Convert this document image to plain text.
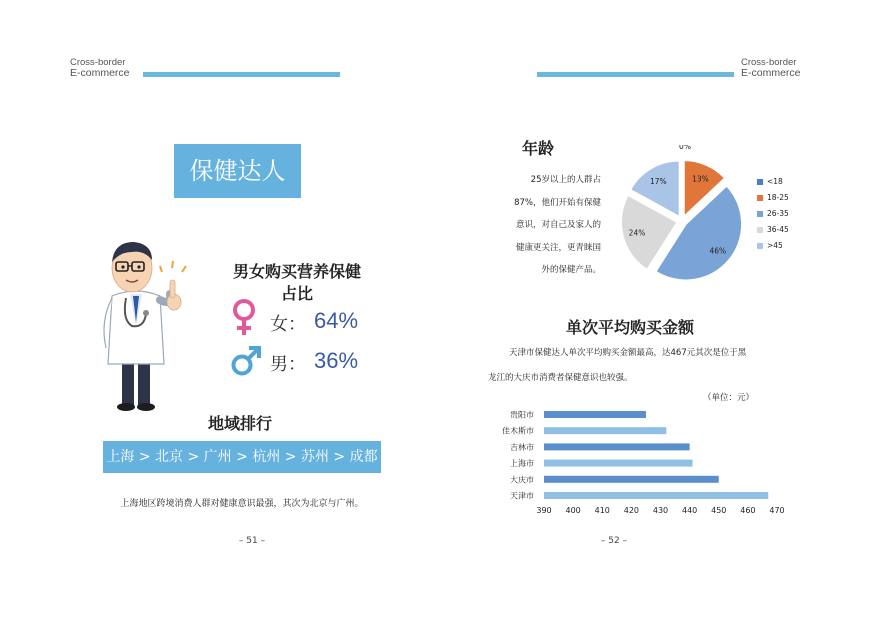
Cross-border
E-commerce
保健达人
男女购买营养保健
占比
女： 64%
男： 36%
地域排行
上海 > 北京 > 广州 > 杭州 > 苏州 > 成都
上海地区跨境消费人群对健康意识最强，其次为北京与广州。
– 51 –
Cross-border
E-commerce
年龄
25岁以上的人群占
87%，他们开始有保健
意识，对自己及家人的
健康更关注，更青睐国
外的保健产品。
0%
13%
46%
24%
17%	<18
18-25
26-35
36-45
>45
单次平均购买金额
天津市保健达人单次平均购买金额最高，达467元其次是位于黑
龙江的大庆市消费者保健意识也较强。
（单位：元）
贵阳市
佳木斯市
吉林市
上海市
大庆市
天津市
390 400 410 420 430 440 450 460 470
– 52 –
